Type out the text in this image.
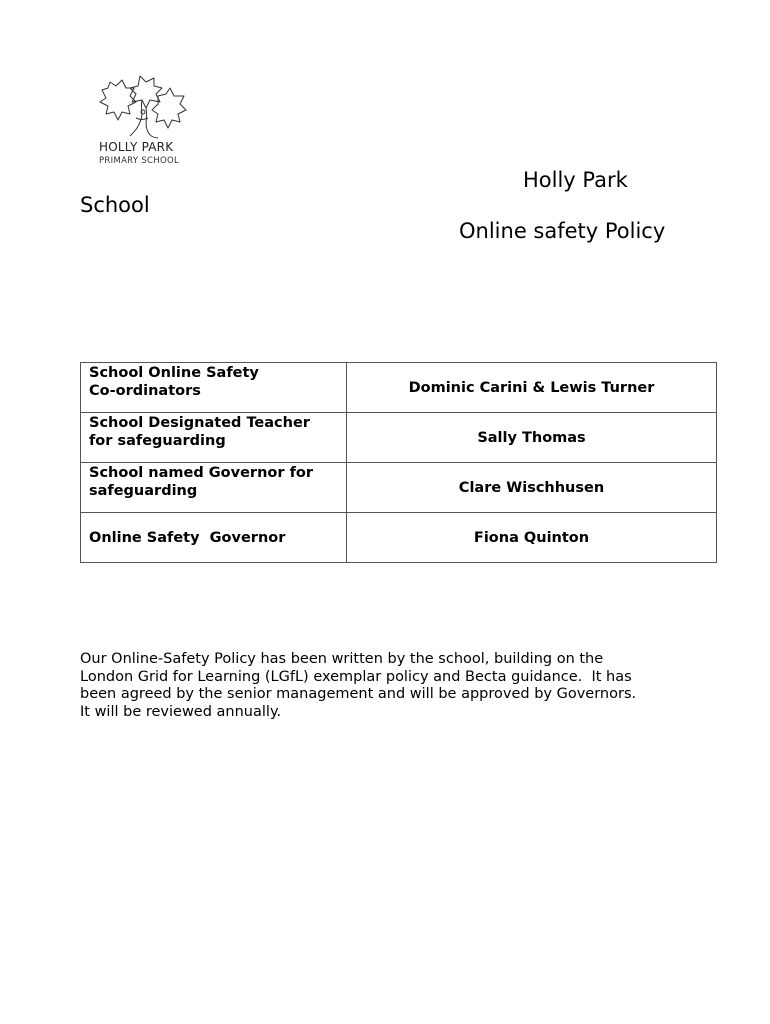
HOLLY PARK
PRIMARY SCHOOL
Holly Park
School
Online safety Policy
School Online Safety
Co-ordinators	Dominic Carini & Lewis Turner

School Designated Teacher
for safeguarding	Sally Thomas

School named Governor for
safeguarding	Clare Wischhusen

Online Safety  Governor	Fiona Quinton
Our Online-Safety Policy has been written by the school, building on the
London Grid for Learning (LGfL) exemplar policy and Becta guidance.  It has
been agreed by the senior management and will be approved by Governors.
It will be reviewed annually.
